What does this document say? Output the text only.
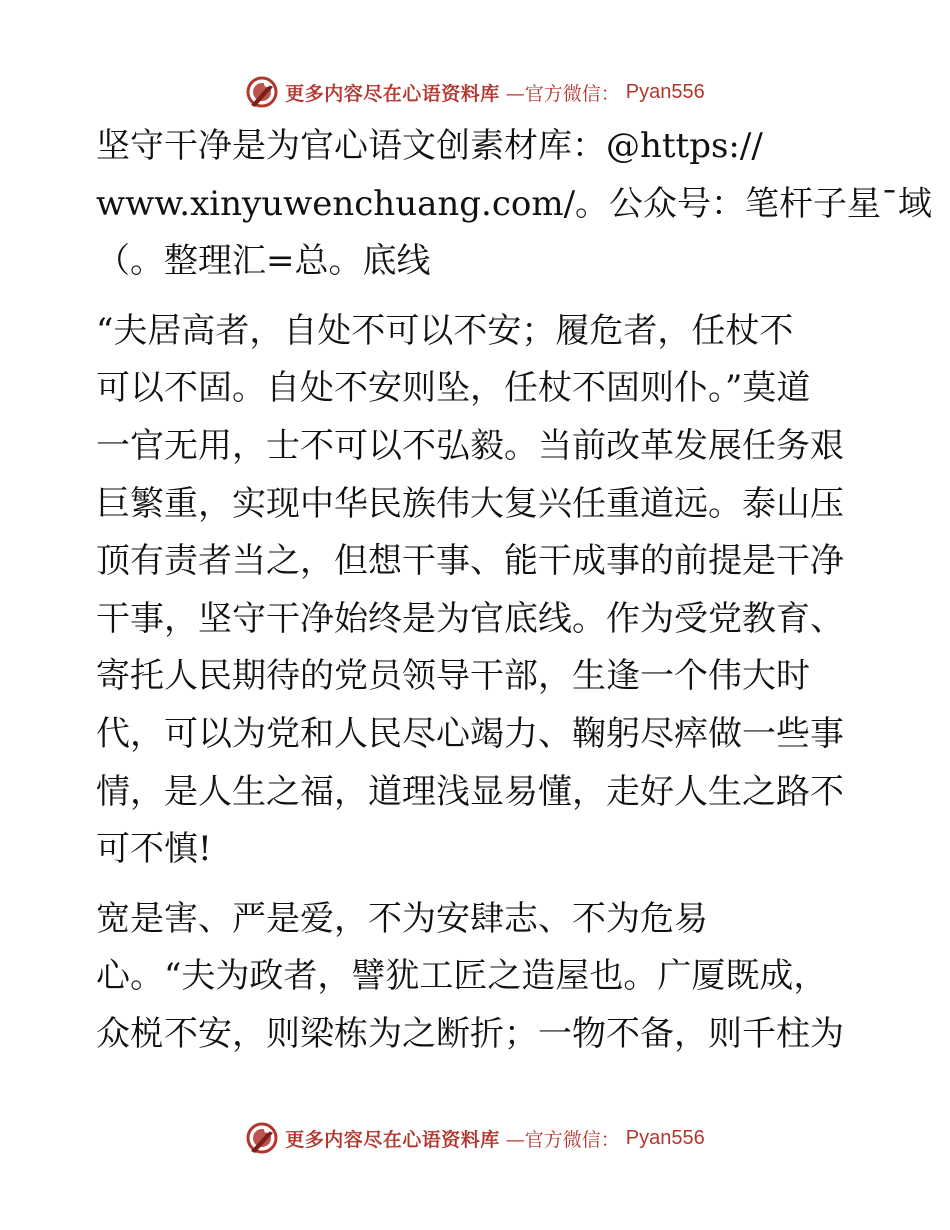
更多内容尽在心语资料库 —官方微信： Pyan556
坚守干净是为官心语文创素材库：@https://
www.xinyuwenchuang.com/。公众号：笔杆子星¯域
（。整理汇=总。底线
“夫居高者，自处不可以不安；履危者，任杖不
可以不固。自处不安则坠，任杖不固则仆。”莫道
一官无用，士不可以不弘毅。当前改革发展任务艰
巨繁重，实现中华民族伟大复兴任重道远。泰山压
顶有责者当之，但想干事、能干成事的前提是干净
干事，坚守干净始终是为官底线。作为受党教育、
寄托人民期待的党员领导干部，生逢一个伟大时
代，可以为党和人民尽心竭力、鞠躬尽瘁做一些事
情，是人生之福，道理浅显易懂，走好人生之路不
可不慎!
宽是害、严是爱，不为安肆志、不为危易
心。“夫为政者，譬犹工匠之造屋也。广厦既成，
众棁不安，则梁栋为之断折；一物不备，则千柱为
更多内容尽在心语资料库 —官方微信： Pyan556
